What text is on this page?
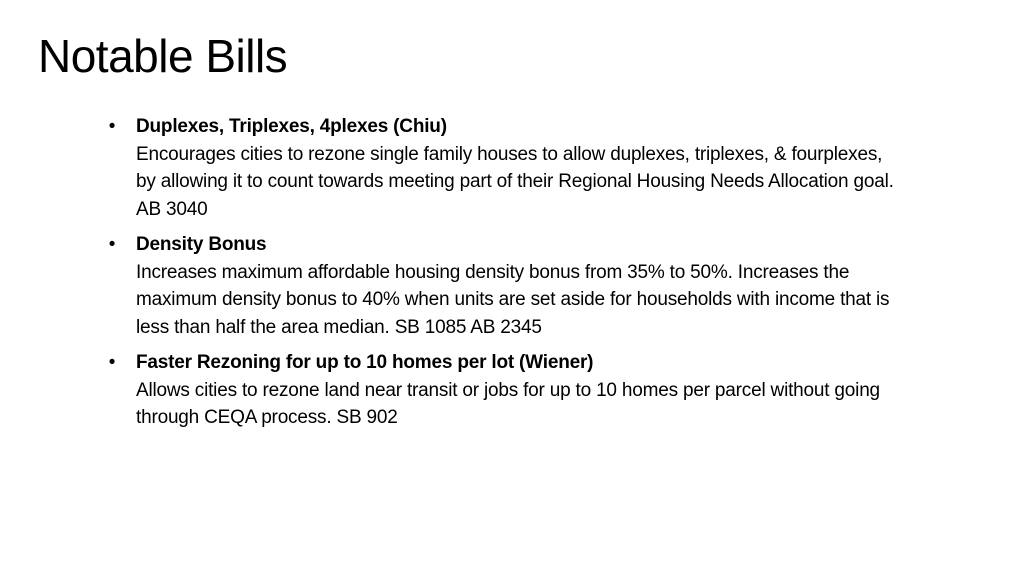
Notable Bills
• Duplexes, Triplexes, 4plexes (Chiu)
Encourages cities to rezone single family houses to allow duplexes, triplexes, & fourplexes, by allowing it to count towards meeting part of their Regional Housing Needs Allocation goal. AB 3040
• Density Bonus
Increases maximum affordable housing density bonus from 35% to 50%. Increases the maximum density bonus to 40% when units are set aside for households with income that is less than half the area median. SB 1085 AB 2345
• Faster Rezoning for up to 10 homes per lot (Wiener)
Allows cities to rezone land near transit or jobs for up to 10 homes per parcel without going through CEQA process. SB 902
